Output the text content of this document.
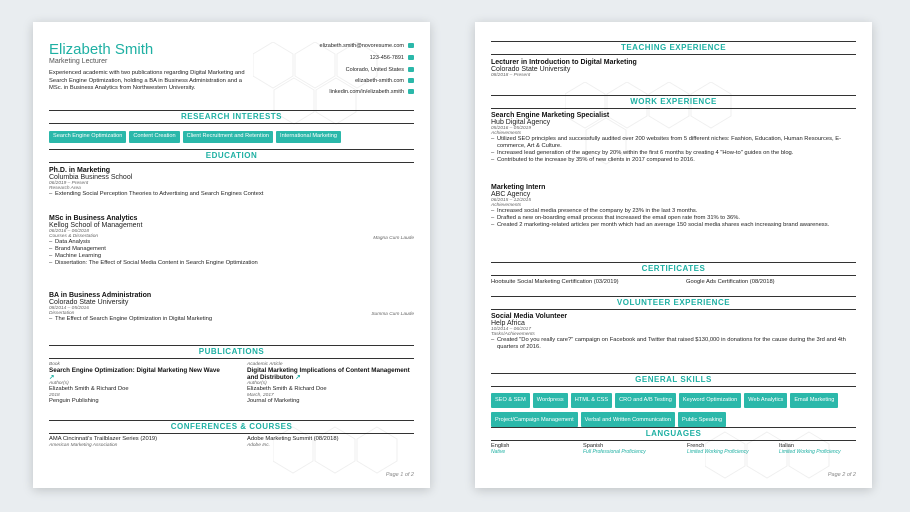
Elizabeth Smith
Marketing Lecturer
Experienced academic with two publications regarding Digital Marketing and Search Engine Optimization, holding a BA in Business Administration and a MSc. in Business Analytics from Northwestern University.
elizabeth.smith@novoresume.com
123-456-7891
Colorado, United States
elizabeth-smith.com
linkedin.com/in/elizabeth.smith
RESEARCH INTERESTS
Search Engine Optimization Content Creation Client Recruitment and Retention International Marketing
EDUCATION
Ph.D. in Marketing
Columbia Business School
06/2019 – Present
Research Area
– Extending Social Perception Theories to Advertising and Search Engines Context
MSc in Business Analytics
Kellog School of Management
06/2016 – 06/2018
Courses & Dissertation
– Data Analysis
– Brand Management
– Machine Learning
– Dissertation: The Effect of Social Media Content in Search Engine Optimization
Magna Cum Laude
BA in Business Administration
Colorado State University
08/2014 – 05/2016
Dissertation
– The Effect of Search Engine Optimization in Digital Marketing
Summa Cum Laude
PUBLICATIONS
Book
Search Engine Optimization: Digital Marketing New Wave ↗
Author(s)
Elizabeth Smith & Richard Doe
2018
Penguin Publishing
Academic Article
Digital Marketing Implications of Content Management and Distributon ↗
Author(s)
Elizabeth Smith & Richard Doe
March, 2017
Journal of Marketing
CONFERENCES & COURSES
AMA Cincinnati's Trailblazer Series (2019)
American Marketing Association
Adobe Marketing Summit (08/2018)
Adobe Inc.
Page 1 of 2
TEACHING EXPERIENCE
Lecturer in Introduction to Digital Marketing
Colorado State University
08/2018 – Present
WORK EXPERIENCE
Search Engine Marketing Specialist
Hub Digital Agency
05/2016 – 05/2019
Achievements
– Utilized SEO principles and successfully audited over 200 websites from 5 different niches: Fashion, Education, Human Resources, E-commerce, Art & Culture.
– Increased lead generation of the agency by 20% within the first 6 months by creating 4 "How-to" guides on the blog.
– Contributed to the increase by 35% of new clients in 2017 compared to 2016.
Marketing Intern
ABC Agency
06/2015 – 12/2015
Achievements
– Increased social media presence of the company by 23% in the last 3 months.
– Drafted a new on-boarding email process that increased the email open rate from 31% to 36%.
– Created 2 marketing-related articles per month which had an average 150 social media shares each increasing brand awareness.
CERTIFICATES
Hootsuite Social Marketing Certification (03/2019)	Google Ads Certification (08/2018)
VOLUNTEER EXPERIENCE
Social Media Volunteer
Help Africa
10/2014 – 06/2017
Tasks/Achievements
– Created "Do you really care?" campaign on Facebook and Twitter that raised $130,000 in donations for the cause during the 3rd and 4th quarters of 2016.
GENERAL SKILLS
SEO & SEM Wordpress HTML & CSS CRO and A/B Testing Keyword Optimization Web Analytics Email MarketingProject/Campaign Management Verbal and Written Communication Public Speaking
LANGUAGES
English
Native
Spanish
Full Professional Proficiency
French
Limited Working Proficiency
Italian
Limited Working Proficiency
Page 2 of 2
